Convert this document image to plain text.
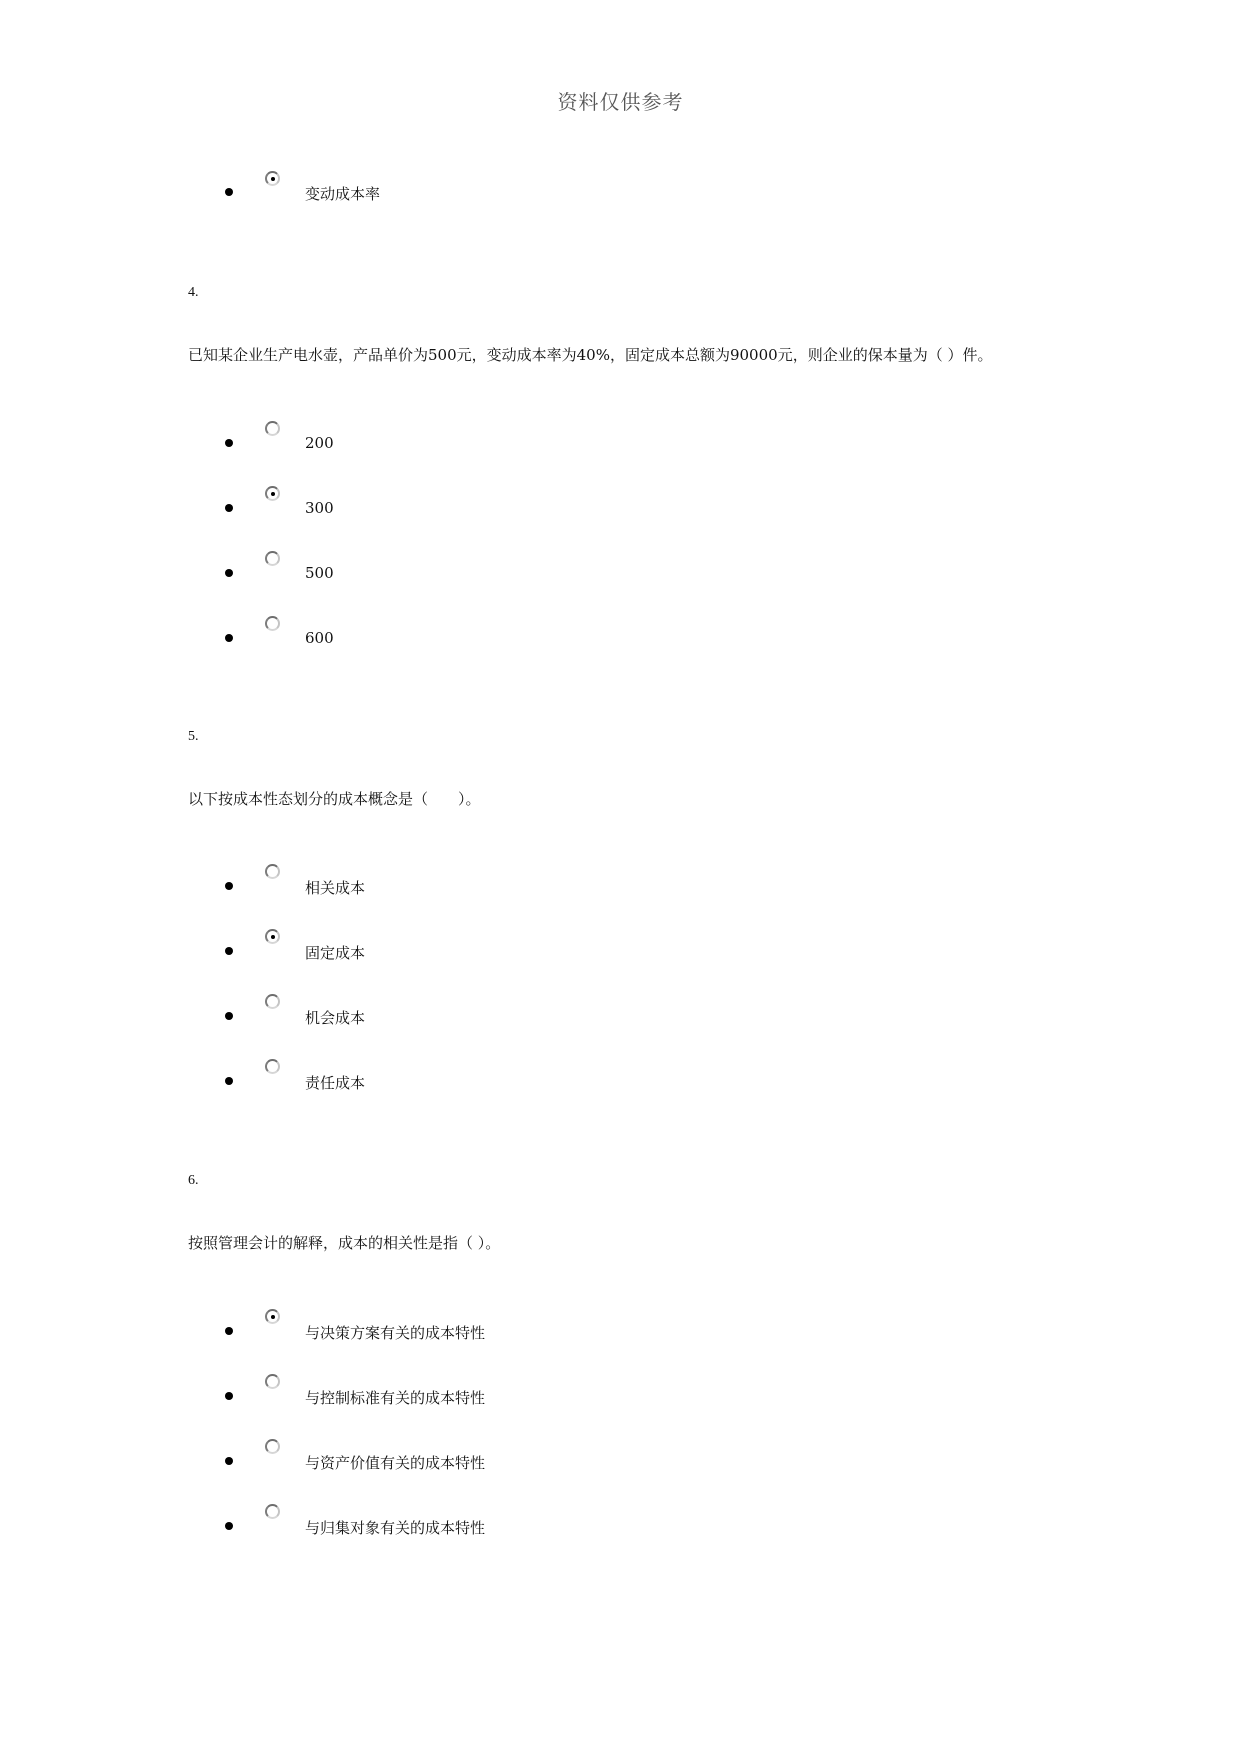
资料仅供参考
变动成本率
4.
已知某企业生产电水壶，产品单价为500元，变动成本率为40%，固定成本总额为90000元，则企业的保本量为（ ）件。
200
300
500
600
5.
以下按成本性态划分的成本概念是（　　）。
相关成本
固定成本
机会成本
责任成本
6.
按照管理会计的解释，成本的相关性是指（ ）。
与决策方案有关的成本特性
与控制标准有关的成本特性
与资产价值有关的成本特性
与归集对象有关的成本特性
